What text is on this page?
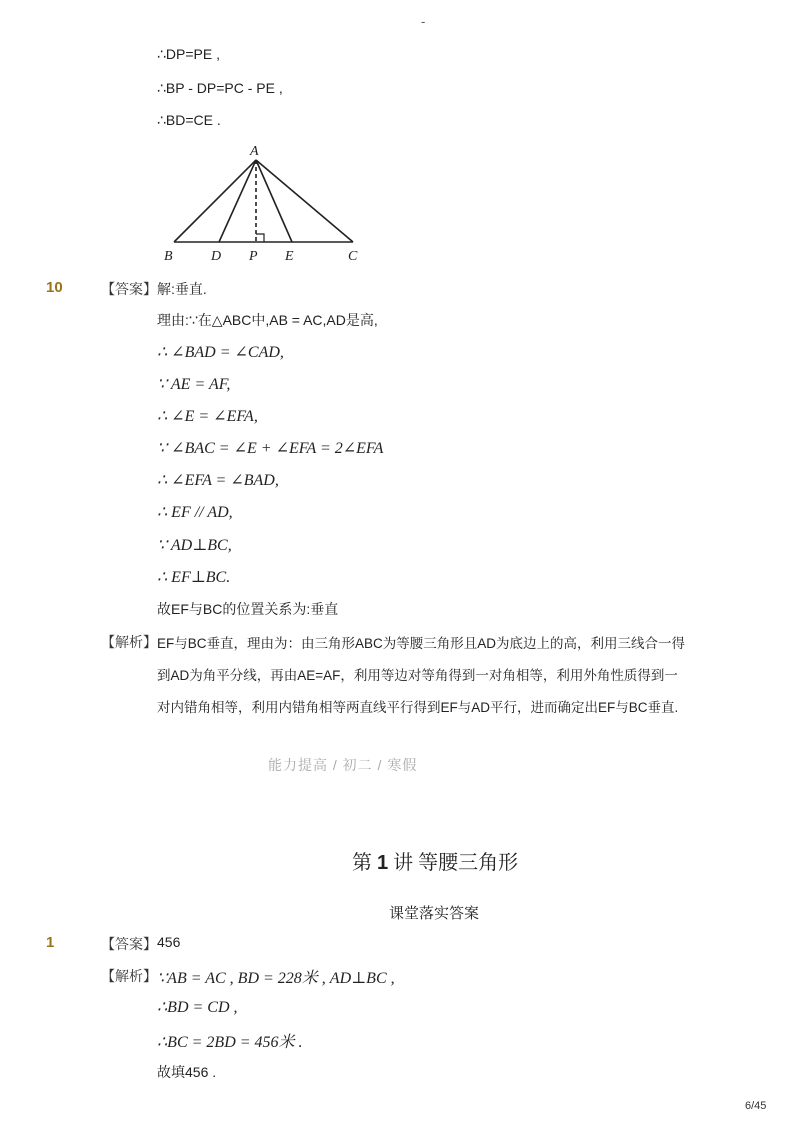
-
∴DP=PE ,
∴BP - DP=PC - PE ,
∴BD=CE .
A
B	D P E	C
10	【答案】 解:垂直.
理由:∵在△ABC中,AB = AC,AD是高,
∴ ∠BAD = ∠CAD,
∵ AE = AF,
∴ ∠E = ∠EFA,
∵ ∠BAC = ∠E + ∠EFA = 2∠EFA
∴ ∠EFA = ∠BAD,
∴ EF // AD,
∵ AD⊥BC,
∴ EF⊥BC.
故EF与BC的位置关系为:垂直
【解析】 EF与BC垂直，理由为：由三角形ABC为等腰三角形且AD为底边上的高，利用三线合一得
到AD为角平分线，再由AE=AF，利用等边对等角得到一对角相等，利用外角性质得到一
对内错角相等，利用内错角相等两直线平行得到EF与AD平行，进而确定出EF与BC垂直.
能力提高 / 初二 / 寒假
第 1 讲 等腰三角形
课堂落实答案
1	【答案】 456
【解析】 ∵AB = AC , BD = 228米 , AD⊥BC ,
∴BD = CD ,
∴BC = 2BD = 456米 .
故填456 .
6/45
